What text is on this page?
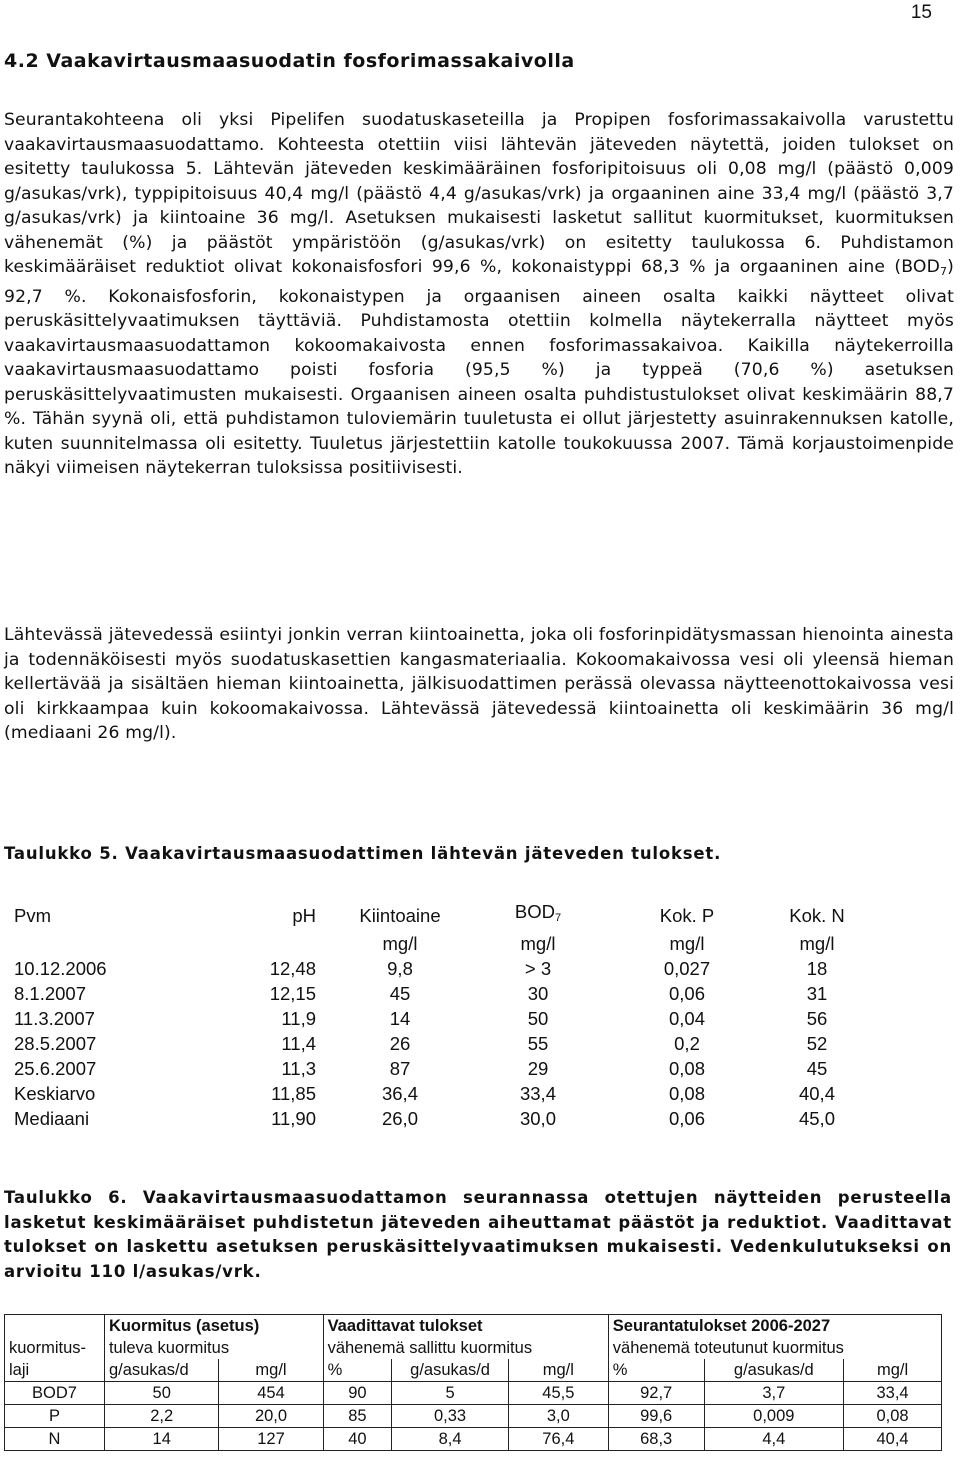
15
4.2 Vaakavirtausmaasuodatin fosforimassakaivolla

Seurantakohteena oli yksi Pipelifen suodatuskaseteilla ja Propipen fosforimassakaivolla varustettu vaakavirtausmaasuodattamo. Kohteesta otettiin viisi lähtevän jäteveden näytettä, joiden tulokset on esitetty taulukossa 5. Lähtevän jäteveden keskimääräinen fosforipitoisuus oli 0,08 mg/l (päästö 0,009 g/asukas/vrk), typpipitoisuus 40,4 mg/l (päästö 4,4 g/asukas/vrk) ja orgaaninen aine 33,4 mg/l (päästö 3,7 g/asukas/vrk) ja kiintoaine 36 mg/l. Asetuksen mukaisesti lasketut sallitut kuormitukset, kuormituksen vähenemät (%) ja päästöt ympäristöön (g/asukas/vrk) on esitetty taulukossa 6. Puhdistamon keskimääräiset reduktiot olivat kokonaisfosfori 99,6 %, kokonaistyppi 68,3 % ja orgaaninen aine $(BOD_7)$ 92,7 %. Kokonaisfosforin, kokonaistypen ja orgaanisen aineen osalta kaikki näytteet olivat peruskäsittelyvaatimuksen täyttäviä. Puhdistamosta otettiin kolmella näytekerralla näytteet myös vaakavirtausmaasuodattamon kokoomakaivosta ennen fosforimassakaivoa. Kaikilla näytekerroilla vaakavirtausmaasuodattamo poisti fosforia (95,5 %) ja typpeä (70,6 %) asetuksen peruskäsittelyvaatimusten mukaisesti. Orgaanisen aineen osalta puhdistustulokset olivat keskimäärin 88,7 %. Tähän syynä oli, että puhdistamon tuloviemärin tuuletusta ei ollut järjestetty asuinrakennuksen katolle, kuten suunnitelmassa oli esitetty. Tuuletus järjestettiin katolle toukokuussa 2007. Tämä korjaustoimenpide näkyi viimeisen näytekerran tuloksissa positiivisesti.

Lähtevässä jätevedessä esiintyi jonkin verran kiintoainetta, joka oli fosforinpidätysmassan hienointa ainesta ja todennäköisesti myös suodatuskasettien kangasmateriaalia. Kokoomakaivossa vesi oli yleensä hieman kellertävää ja sisältäen hieman kiintoainetta, jälkisuodattimen perässä olevassa näytteenottokaivossa vesi oli kirkkaampaa kuin kokoomakaivossa. Lähtevässä jätevedessä kiintoainetta oli keskimäärin 36 mg/l (mediaani 26 mg/l).

Taulukko 5. Vaakavirtausmaasuodattimen lähtevän jäteveden tulokset.

Pvm	pH	Kiintoaine	$BOD_7$	Kok. P	Kok. N
		mg/l	mg/l	mg/l	mg/l
10.12.2006	12,48	9,8	> 3	0,027	18
8.1.2007	12,15	45	30	0,06	31
11.3.2007	11,9	14	50	0,04	56
28.5.2007	11,4	26	55	0,2	52
25.6.2007	11,3	87	29	0,08	45
Keskiarvo	11,85	36,4	33,4	0,08	40,4
Mediaani	11,90	26,0	30,0	0,06	45,0

Taulukko 6. Vaakavirtausmaasuodattamon seurannassa otettujen näytteiden perusteella lasketut keskimääräiset puhdistetun jäteveden aiheuttamat päästöt ja reduktiot. Vaadittavat tulokset on laskettu asetuksen peruskäsittelyvaatimuksen mukaisesti. Vedenkulutukseksi on arvioitu 110 l/asukas/vrk.

	Kuormitus (asetus)		Vaadittavat tulokset			Seurantatulokset 2006-2027		
kuormitus-	tuleva kuormitus		vähenemä sallittu kuormitus			vähenemä toteutunut kuormitus		
laji	g/asukas/d	mg/l	%	g/asukas/d	mg/l	%	g/asukas/d	mg/l
BOD7	50	454	90	5	45,5	92,7	3,7	33,4
P	2,2	20,0	85	0,33	3,0	99,6	0,009	0,08
N	14	127	40	8,4	76,4	68,3	4,4	40,4
